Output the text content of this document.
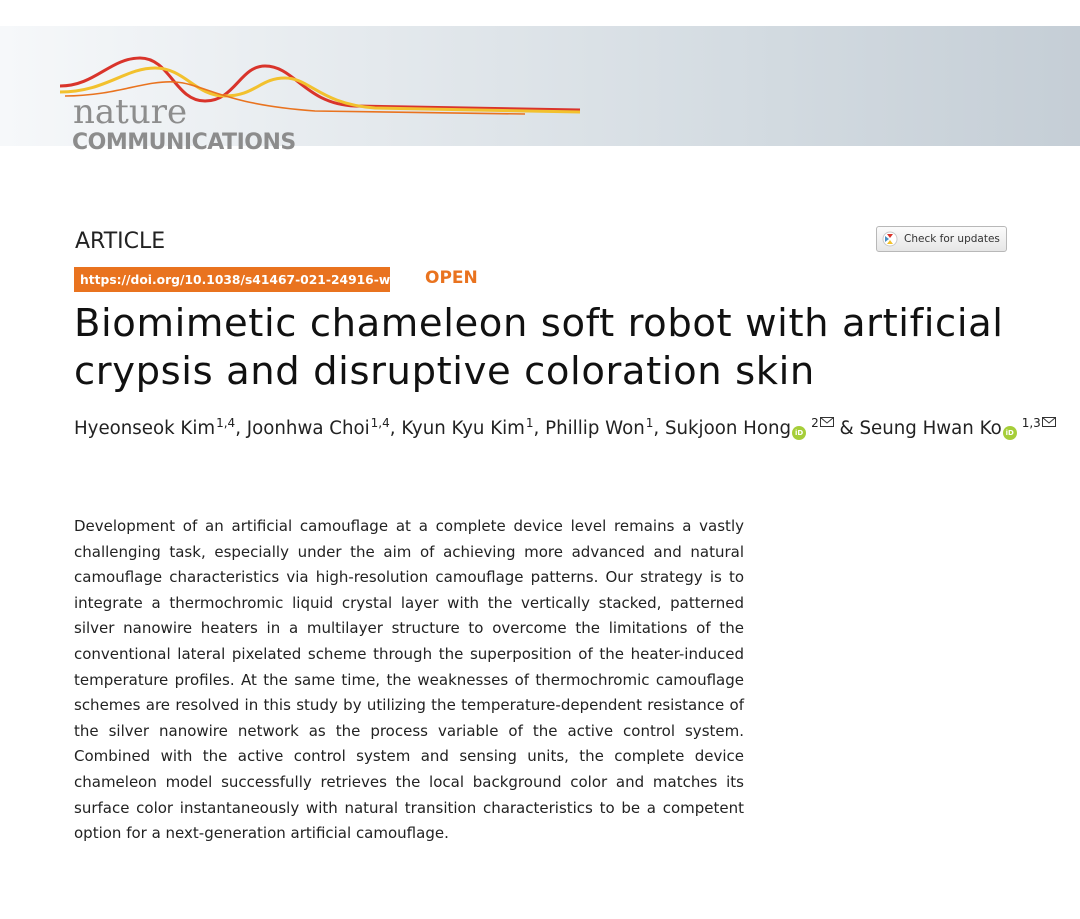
nature
COMMUNICATIONS
ARTICLE	Check for updates
https://doi.org/10.1038/s41467-021-24916-w OPEN
Biomimetic chameleon soft robot with artificial crypsis and disruptive coloration skin
Hyeonseok Kim$^{1,4}$, Joonhwa Choi$^{1,4}$, Kyun Kyu Kim$^1$, Phillip Won$^1$, Sukjoon Hong $iD^2$ & Seung Hwan Ko iD$^{1,3}$

Development of an artificial camouflage at a complete device level remains a vastly challenging task, especially under the aim of achieving more advanced and natural camouflage characteristics via high-resolution camouflage patterns. Our strategy is to integrate a thermochromic liquid crystal layer with the vertically stacked, patterned silver nanowire heaters in a multilayer structure to overcome the limitations of the conventional lateral pixelated scheme through the superposition of the heater-induced temperature profiles. At the same time, the weaknesses of thermochromic camouflage schemes are resolved in this study by utilizing the temperature-dependent resistance of the silver nanowire network as the process variable of the active control system. Combined with the active control system and sensing units, the complete device chameleon model successfully retrieves the local background color and matches its surface color instantaneously with natural transition characteristics to be a competent option for a next-generation artificial camouflage.
